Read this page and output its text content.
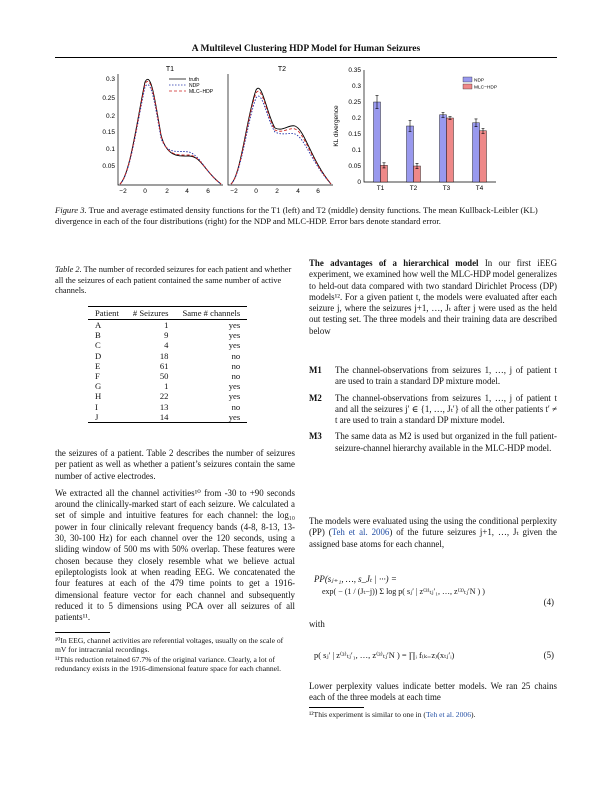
A Multilevel Clustering HDP Model for Human Seizures
T1
0.3
0.25
0.2
0.15
0.1
0.05
−2	0	2	4	6
truth
NDP
MLC−HDP
T2
−2	0	2	4	6
KL divergence
0
0.05
0.1
0.15
0.2
0.25
0.3
0.35
T1	T2	T3	T4
NDP
MLC−HDP
Figure 3. True and average estimated density functions for the T1 (left) and T2 (middle) density functions. The mean Kullback-Leibler (KL) divergence in each of the four distributions (right) for the NDP and MLC-HDP. Error bars denote standard error.
Table 2. The number of recorded seizures for each patient and whether all the seizures of each patient contained the same number of active channels.
Patient	# Seizures	Same # channels
A	1	yes
B	9	yes
C	4	yes
D	18	no
E	61	no
F	50	no
G	1	yes
H	22	yes
I	13	no
J	14	yes

the seizures of a patient. Table 2 describes the number of seizures per patient as well as whether a patient’s seizures contain the same number of active electrodes.

We extracted all the channel activities¹⁰ from -30 to +90 seconds around the clinically-marked start of each seizure. We calculated a set of simple and intuitive features for each channel: the log₁₀ power in four clinically relevant frequency bands (4-8, 8-13, 13-30, 30-100 Hz) for each channel over the 120 seconds, using a sliding window of 500 ms with 50% overlap. These features were chosen because they closely resemble what we believe actual epileptologists look at when reading EEG. We concatenated the four features at each of the 479 time points to get a 1916-dimensional feature vector for each channel and subsequently reduced it to 5 dimensions using PCA over all seizures of all patients¹¹.

¹⁰In EEG, channel activities are referential voltages, usually on the scale of mV for intracranial recordings.

¹¹This reduction retained 67.7% of the original variance. Clearly, a lot of redundancy exists in the 1916-dimensional feature space for each channel.

The advantages of a hierarchical model In our first iEEG experiment, we examined how well the MLC-HDP model generalizes to held-out data compared with two standard Dirichlet Process (DP) models¹². For a given patient t, the models were evaluated after each seizure j, where the seizures j+1, …, Jₜ after j were used as the held out testing set. The three models and their training data are described below

M1 The channel-observations from seizures 1, …, j of patient t are used to train a standard DP mixture model.

M2 The channel-observations from seizures 1, …, j of patient t and all the seizures j′ ∈ {1, …, Jₜ′} of all the other patients t′ ≠ t are used to train a standard DP mixture model.

M3 The same data as M2 is used but organized in the full patient-seizure-channel hierarchy available in the MLC-HDP model.

The models were evaluated using the using the conditional perplexity (PP) (Teh et al. 2006) of the future seizures j+1, …, Jₜ given the assigned base atoms for each channel,
PP(sⱼ₊₁, …, s_Jₜ | ···) =
exp( − (1 / (Jₜ−j)) Σ log p( sⱼ′ | z⁽³⁾ₜⱼ′₁, …, z⁽³⁾ₜⱼ′N ) )
(4)
with
p( sⱼ′ | z⁽³⁾ₜⱼ′₁, …, z⁽³⁾ₜⱼ′N ) = ∏ᵢ f₍ₖ₌z₎(xₜⱼ′ᵢ)	(5)
Lower perplexity values indicate better models. We ran 25 chains each of the three models at each time
¹²This experiment is similar to one in (Teh et al. 2006).
